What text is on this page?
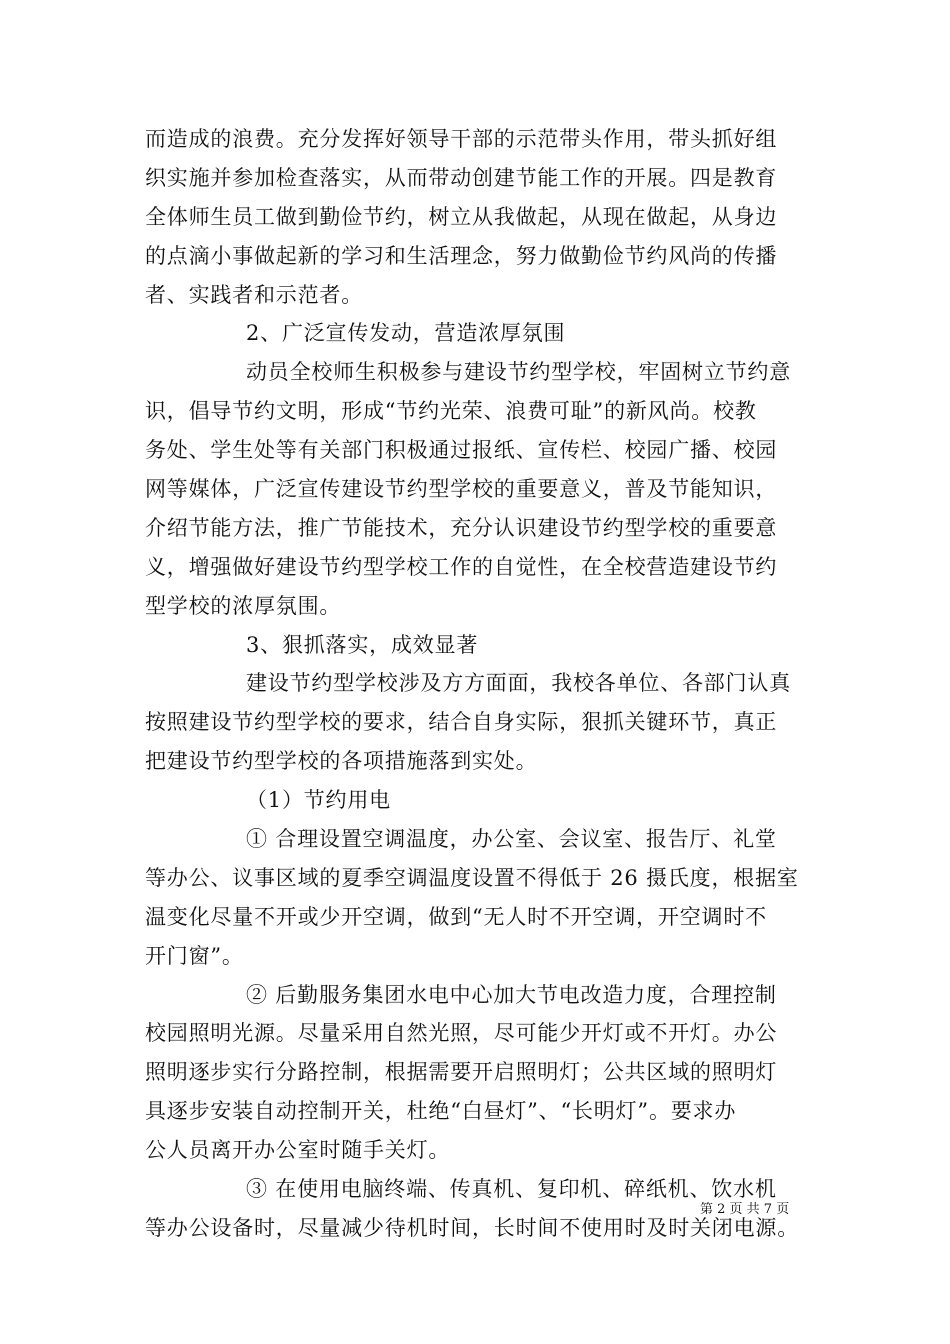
而造成的浪费。充分发挥好领导干部的示范带头作用，带头抓好组
织实施并参加检查落实，从而带动创建节能工作的开展。四是教育
全体师生员工做到勤俭节约，树立从我做起，从现在做起，从身边
的点滴小事做起新的学习和生活理念，努力做勤俭节约风尚的传播
者、实践者和示范者。
2、广泛宣传发动，营造浓厚氛围
动员全校师生积极参与建设节约型学校，牢固树立节约意
识，倡导节约文明，形成“节约光荣、浪费可耻”的新风尚。校教
务处、学生处等有关部门积极通过报纸、宣传栏、校园广播、校园
网等媒体，广泛宣传建设节约型学校的重要意义，普及节能知识，
介绍节能方法，推广节能技术，充分认识建设节约型学校的重要意
义，增强做好建设节约型学校工作的自觉性，在全校营造建设节约
型学校的浓厚氛围。
3、狠抓落实，成效显著
建设节约型学校涉及方方面面，我校各单位、各部门认真
按照建设节约型学校的要求，结合自身实际，狠抓关键环节，真正
把建设节约型学校的各项措施落到实处。
（1）节约用电
① 合理设置空调温度，办公室、会议室、报告厅、礼堂
等办公、议事区域的夏季空调温度设置不得低于 26 摄氏度，根据室
温变化尽量不开或少开空调，做到“无人时不开空调，开空调时不
开门窗”。
② 后勤服务集团水电中心加大节电改造力度，合理控制
校园照明光源。尽量采用自然光照，尽可能少开灯或不开灯。办公
照明逐步实行分路控制，根据需要开启照明灯；公共区域的照明灯
具逐步安装自动控制开关，杜绝“白昼灯”、“长明灯”。要求办
公人员离开办公室时随手关灯。
③ 在使用电脑终端、传真机、复印机、碎纸机、饮水机
等办公设备时，尽量减少待机时间，长时间不使用时及时关闭电源。
第 2 页 共 7 页
